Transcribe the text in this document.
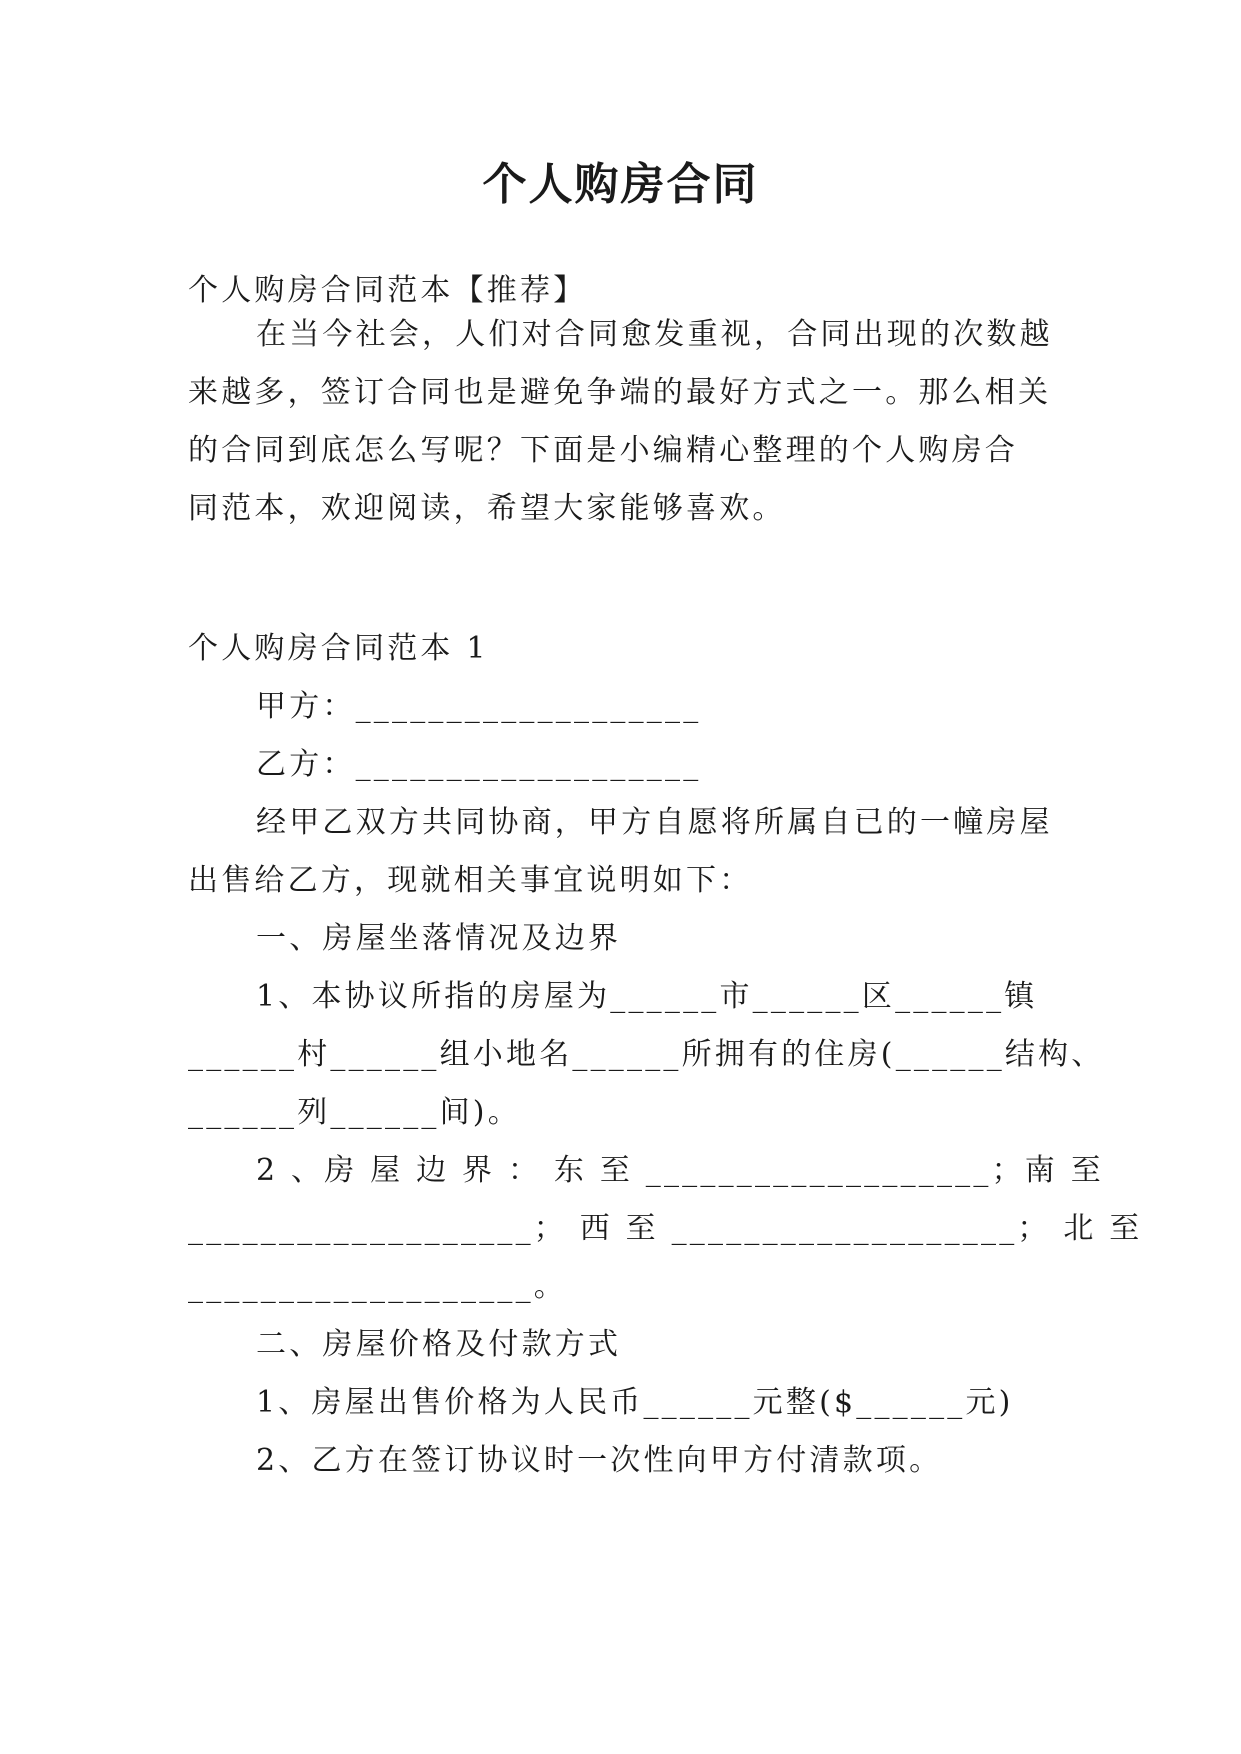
个人购房合同
个人购房合同范本【推荐】
在当今社会，人们对合同愈发重视，合同出现的次数越
来越多，签订合同也是避免争端的最好方式之一。那么相关
的合同到底怎么写呢？下面是小编精心整理的个人购房合
同范本，欢迎阅读，希望大家能够喜欢。
个人购房合同范本 1
甲方：___________________
乙方：___________________
经甲乙双方共同协商，甲方自愿将所属自已的一幢房屋
出售给乙方，现就相关事宜说明如下：
一、房屋坐落情况及边界
1、本协议所指的房屋为______市______区______镇
______村______组小地名______所拥有的住房(______结构、
______列______间)。
2 、房 屋 边 界 ： 东 至 ___________________；南 至
___________________； 西 至 ___________________； 北 至
___________________。
二、房屋价格及付款方式
1、房屋出售价格为人民币______元整($______元)
2、乙方在签订协议时一次性向甲方付清款项。
